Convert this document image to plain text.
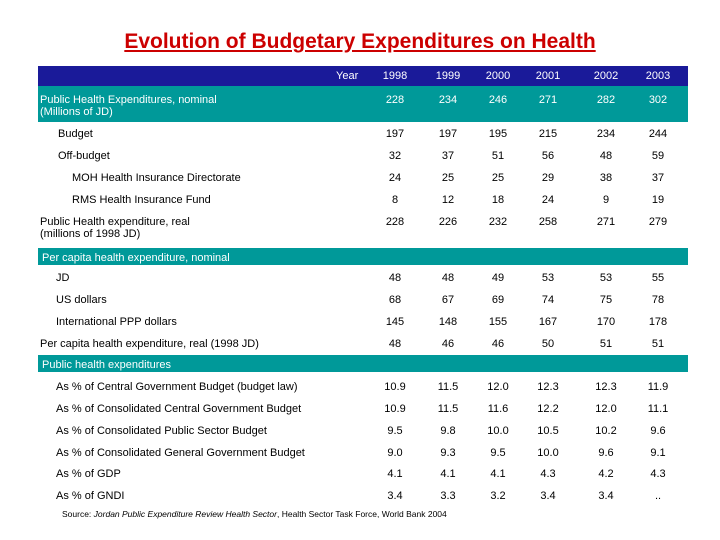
Evolution of Budgetary Expenditures on Health
Year	1998	1999	2000	2001	2002	2003
Public Health Expenditures, nominal
(Millions of JD)
228	234	246	271	282	302
Budget	197	197	195	215	234	244
Off-budget	32	37	51	56	48	59
MOH Health Insurance Directorate	24	25	25	29	38	37
RMS Health Insurance Fund	8	12	18	24	9	19
Public Health expenditure, real
(millions of 1998 JD)
228	226	232	258	271	279
Per capita health expenditure, nominal
JD	48	48	49	53	53	55
US dollars	68	67	69	74	75	78
International PPP dollars	145	148	155	167	170	178
Per capita health expenditure, real (1998 JD)	48	46	46	50	51	51
Public health expenditures
As % of Central Government Budget (budget law)	10.9	11.5	12.0	12.3	12.3	11.9
As % of Consolidated Central Government Budget	10.9	11.5	11.6	12.2	12.0	11.1
As % of Consolidated Public Sector Budget	9.5	9.8	10.0	10.5	10.2	9.6
As % of Consolidated General Government Budget	9.0	9.3	9.5	10.0	9.6	9.1
As % of GDP	4.1	4.1	4.1	4.3	4.2	4.3
As % of GNDI	3.4	3.3	3.2	3.4	3.4	..
Source: Jordan Public Expenditure Review Health Sector, Health Sector Task Force, World Bank 2004
